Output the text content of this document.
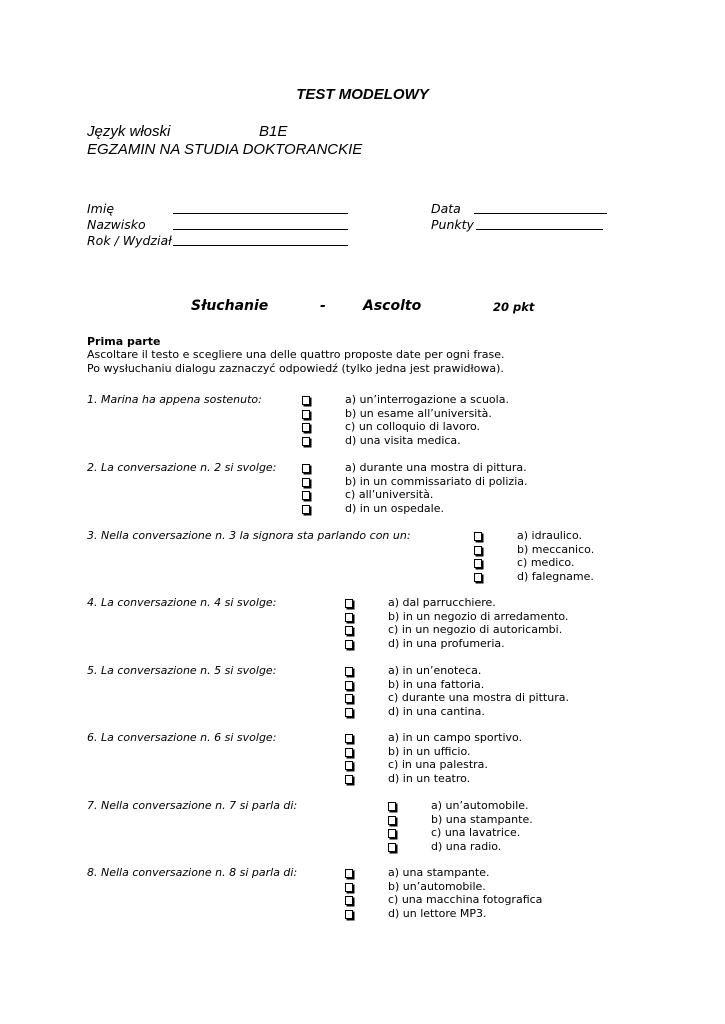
TEST MODELOWY
Język włoski	B1E
EGZAMIN NA STUDIA DOKTORANCKIE
Imię
Nazwisko
Rok / Wydział
Data
Punkty
Słuchanie	-	Ascolto	20 pkt
Prima parte
Ascoltare il testo e scegliere una delle quattro proposte date per ogni frase.
Po wysłuchaniu dialogu zaznaczyć odpowiedź (tylko jedna jest prawidłowa).
1. Marina ha appena sostenuto:	a) un’interrogazione a scuola.
b) un esame all’università.
c) un colloquio di lavoro.
d) una visita medica.
2. La conversazione n. 2 si svolge:	a) durante una mostra di pittura.
b) in un commissariato di polizia.
c) all’università.
d) in un ospedale.
3. Nella conversazione n. 3 la signora sta parlando con un:	a) idraulico.
b) meccanico.
c) medico.
d) falegname.
4. La conversazione n. 4 si svolge:	a) dal parrucchiere.
b) in un negozio di arredamento.
c) in un negozio di autoricambi.
d) in una profumeria.
5. La conversazione n. 5 si svolge:	a) in un’enoteca.
b) in una fattoria.
c) durante una mostra di pittura.
d) in una cantina.
6. La conversazione n. 6 si svolge:	a) in un campo sportivo.
b) in un ufficio.
c) in una palestra.
d) in un teatro.
7. Nella conversazione n. 7 si parla di:	a) un’automobile.
b) una stampante.
c) una lavatrice.
d) una radio.
8. Nella conversazione n. 8 si parla di:	a) una stampante.
b) un’automobile.
c) una macchina fotografica
d) un lettore MP3.
